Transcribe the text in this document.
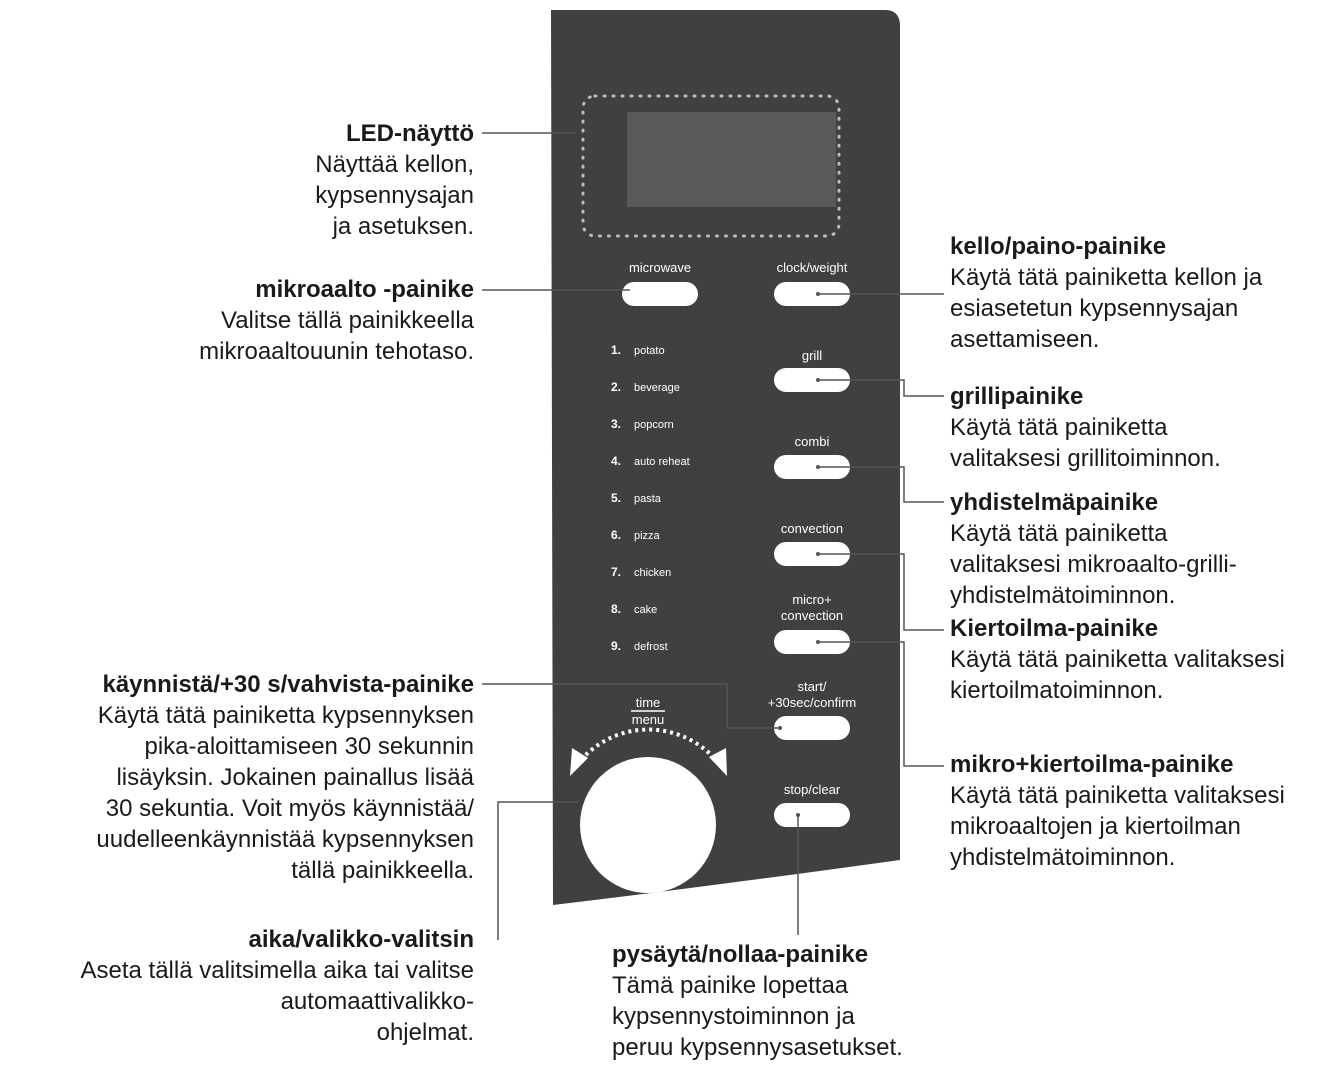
microwave	clock/weight
grill
combi
convection
micro+
convection
start/
+30sec/confirm
stop/clear
1. potato
2. beverage
3. popcorn
4. auto reheat
5. pasta
6. pizza
7. chicken
8. cake
9. defrost
time
menu
LED-näyttö
Näyttää kellon,
kypsennysajan
ja asetuksen.
mikroaalto -painike
Valitse tällä painikkeella
mikroaaltouunin tehotaso.
käynnistä/+30 s/vahvista-painike
Käytä tätä painiketta kypsennyksen
pika-aloittamiseen 30 sekunnin
lisäyksin. Jokainen painallus lisää
30 sekuntia. Voit myös käynnistää/
uudelleenkäynnistää kypsennyksen
tällä painikkeella.
aika/valikko-valitsin
Aseta tällä valitsimella aika tai valitse
automaattivalikko-
ohjelmat.
pysäytä/nollaa-painike
Tämä painike lopettaa
kypsennystoiminnon ja
peruu kypsennysasetukset.
kello/paino-painike
Käytä tätä painiketta kellon ja
esiasetetun kypsennysajan
asettamiseen.
grillipainike
Käytä tätä painiketta
valitaksesi grillitoiminnon.
yhdistelmäpainike
Käytä tätä painiketta
valitaksesi mikroaalto-grilli-
yhdistelmätoiminnon.
Kiertoilma-painike
Käytä tätä painiketta valitaksesi
kiertoilmatoiminnon.
mikro+kiertoilma-painike
Käytä tätä painiketta valitaksesi
mikroaaltojen ja kiertoilman
yhdistelmätoiminnon.
